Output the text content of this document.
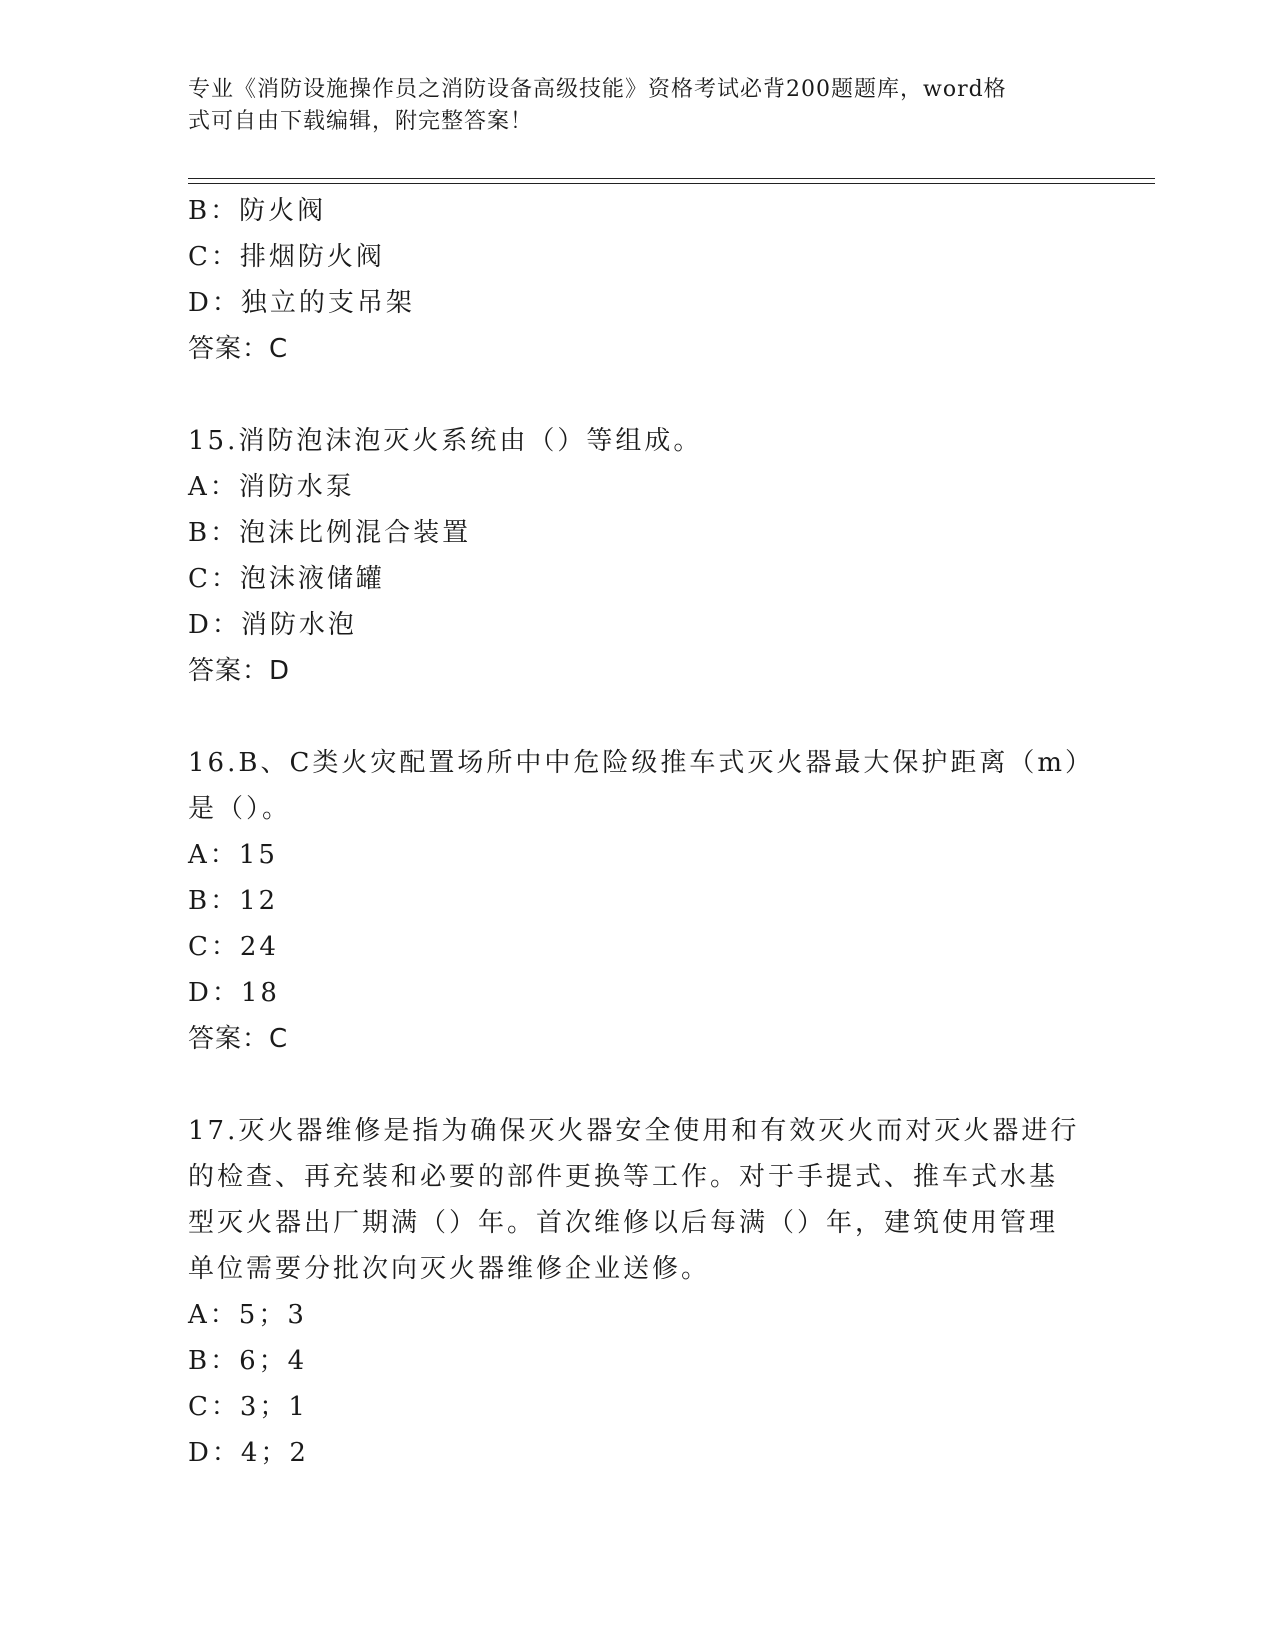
专业《消防设施操作员之消防设备高级技能》资格考试必背200题题库，word格
式可自由下载编辑，附完整答案！
B：防火阀
C：排烟防火阀
D：独立的支吊架
答案：C
15.消防泡沫泡灭火系统由（）等组成。
A：消防水泵
B：泡沫比例混合装置
C：泡沫液储罐
D：消防水泡
答案：D
16.B、C类火灾配置场所中中危险级推车式灭火器最大保护距离（m）
是（）。
A：15
B：12
C：24
D：18
答案：C
17.灭火器维修是指为确保灭火器安全使用和有效灭火而对灭火器进行
的检查、再充装和必要的部件更换等工作。对于手提式、推车式水基
型灭火器出厂期满（）年。首次维修以后每满（）年，建筑使用管理
单位需要分批次向灭火器维修企业送修。
A：5；3
B：6；4
C：3；1
D：4；2
